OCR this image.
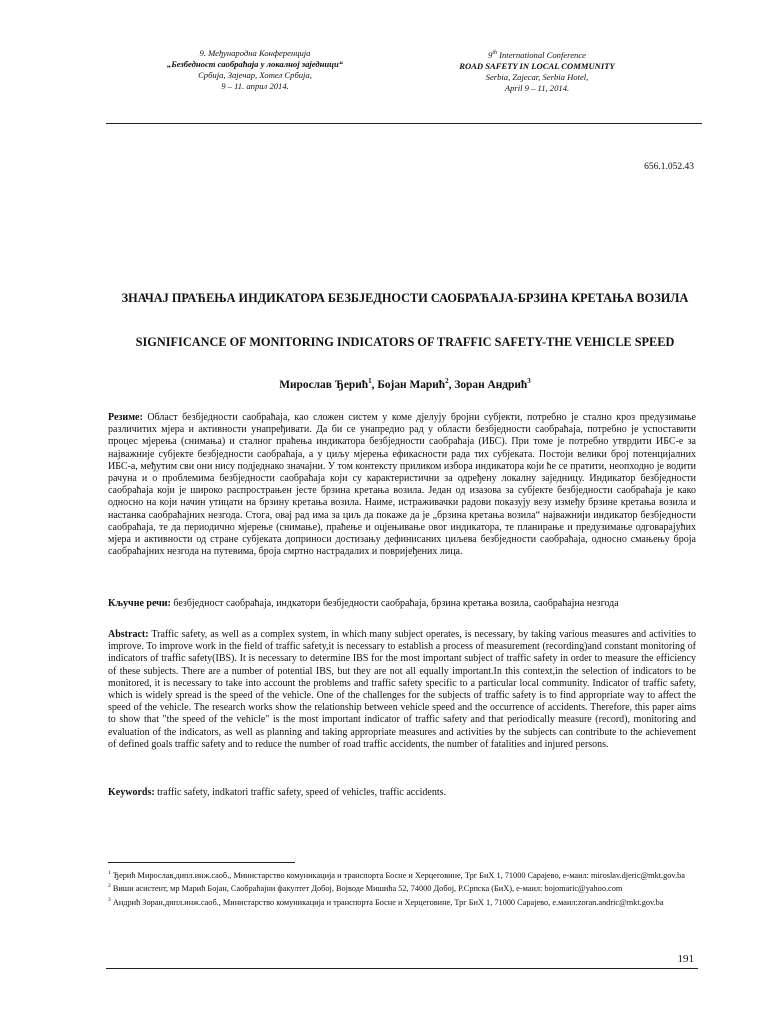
9. Међународна Конференција
„Безбедност саобраћаја у локалној заједници“
Србија, Зајечар, Хотел Србија,
9 – 11. април 2014.
9th International Conference
ROAD SAFETY IN LOCAL COMMUNITY
Serbia, Zajecar, Serbia Hotel,
April 9 – 11, 2014.
656.1.052.43
ЗНАЧАЈ ПРАЋЕЊА ИНДИКАТОРА БЕЗБЈЕДНОСТИ САОБРАЋАЈА-БРЗИНА КРЕТАЊА ВОЗИЛА
SIGNIFICANCE OF MONITORING INDICATORS OF TRAFFIC SAFETY-THE VEHICLE SPEED
Мирослав Ђерић$^1$, Бојан Марић$^2$, Зоран Андрић$^3$
Резиме: Област безбједности саобраћаја, као сложен систем у коме дјелују бројни субјекти, потребно је стално кроз предузимање различитих мјера и активности унапређивати. Да би се унапредио рад у области безбједности саобраћаја, потребно је успоставити процес мјерења (снимања) и сталног праћења индикатора безбједности саобраћаја (ИБС). При томе је потребно утврдити ИБС-е за најважније субјекте безбједности саобраћаја, а у циљу мјерења ефикасности рада тих субјеката. Постоји велики број потенцијалних ИБС-а, међутим сви они нису подједнако значајни. У том контексту приликом избора индикатора који ће се пратити, неопходно је водити рачуна и о проблемима безбједности саобраћаја који су карактеристични за одређену локалну заједницу. Индикатор безбједности саобраћаја који је широко распрострањен јесте брзина кретања возила. Један од изазова за субјекте безбједности саобраћаја је како односно на који начин утицати на брзину кретања возила. Наиме, истраживачки радови показују везу између брзине кретања возила и настанка саобраћајних незгода. Стога, овај рад има за циљ да покаже да је „брзина кретања возила“ најважнији индикатор безбједности саобраћаја, те да периодично мјерење (снимање), праћење и оцјењивање овог индикатора, те планирање и предузимање одговарајућих мјера и активности од стране субјеката доприноси достизању дефинисаних циљева безбједности саобраћаја, односно смањењу броја саобраћајних незгода на путевима, броја смртно настрадалих и повријеђених лица.
Кључне речи: безбједност саобраћаја, индкатори безбједности саобраћаја, брзина кретања возила, саобраћајна незгода
Abstract: Traffic safety, as well as a complex system, in which many subject operates, is necessary, by taking various measures and activities to improve. To improve work in the field of traffic safety,it is necessary to establish a process of measurement (recording)and constant monitoring of indicators of traffic safety(IBS). It is necessary to determine IBS for the most important subject of traffic safety in order to measure the efficiency of these subjects. There are a number of potential IBS, but they are not all equally important.In this context,in the selection of indicators to be monitored, it is necessary to take into account the problems and traffic safety specific to a particular local community. Indicator of traffic safety, which is widely spread is the speed of the vehicle. One of the challenges for the subjects of traffic safety is to find appropriate way to affect the speed of the vehicle. The research works show the relationship between vehicle speed and the occurrence of accidents. Therefore, this paper aims to show that "the speed of the vehicle" is the most important indicator of traffic safety and that periodically measure (record), monitoring and evaluation of the indicators, as well as planning and taking appropriate measures and activities by the subjects can contribute to the achievement of defined goals traffic safety and to reduce the number of road traffic accidents, the number of fatalities and injured persons.
Keywords: traffic safety, indkatori traffic safety, speed of vehicles, traffic accidents.

$^1$ Ђерић Мирослав,дипл.инж.сaоб., Министарство комуникација и транспорта Босне и Херцеговине, Трг БиХ 1, 71000 Сарајево, е-маил: miroslav.djeric@mkt.gov.ba

$^2$ Виши асистент, мр Марић Бојан, Саобраћајни факултет Добој, Војводе Мишића 52, 74000 Добој, Р.Српска (БиХ), е-маил: bojomaric@yahoo.com

$^3$ Андрић Зоран,дипл.инж.сaоб., Министарство комуникација и транспорта Босне и Херцеговине, Трг БиХ 1, 71000 Сарајево, е.маил:zoran.andric@mkt.gov.ba

191
